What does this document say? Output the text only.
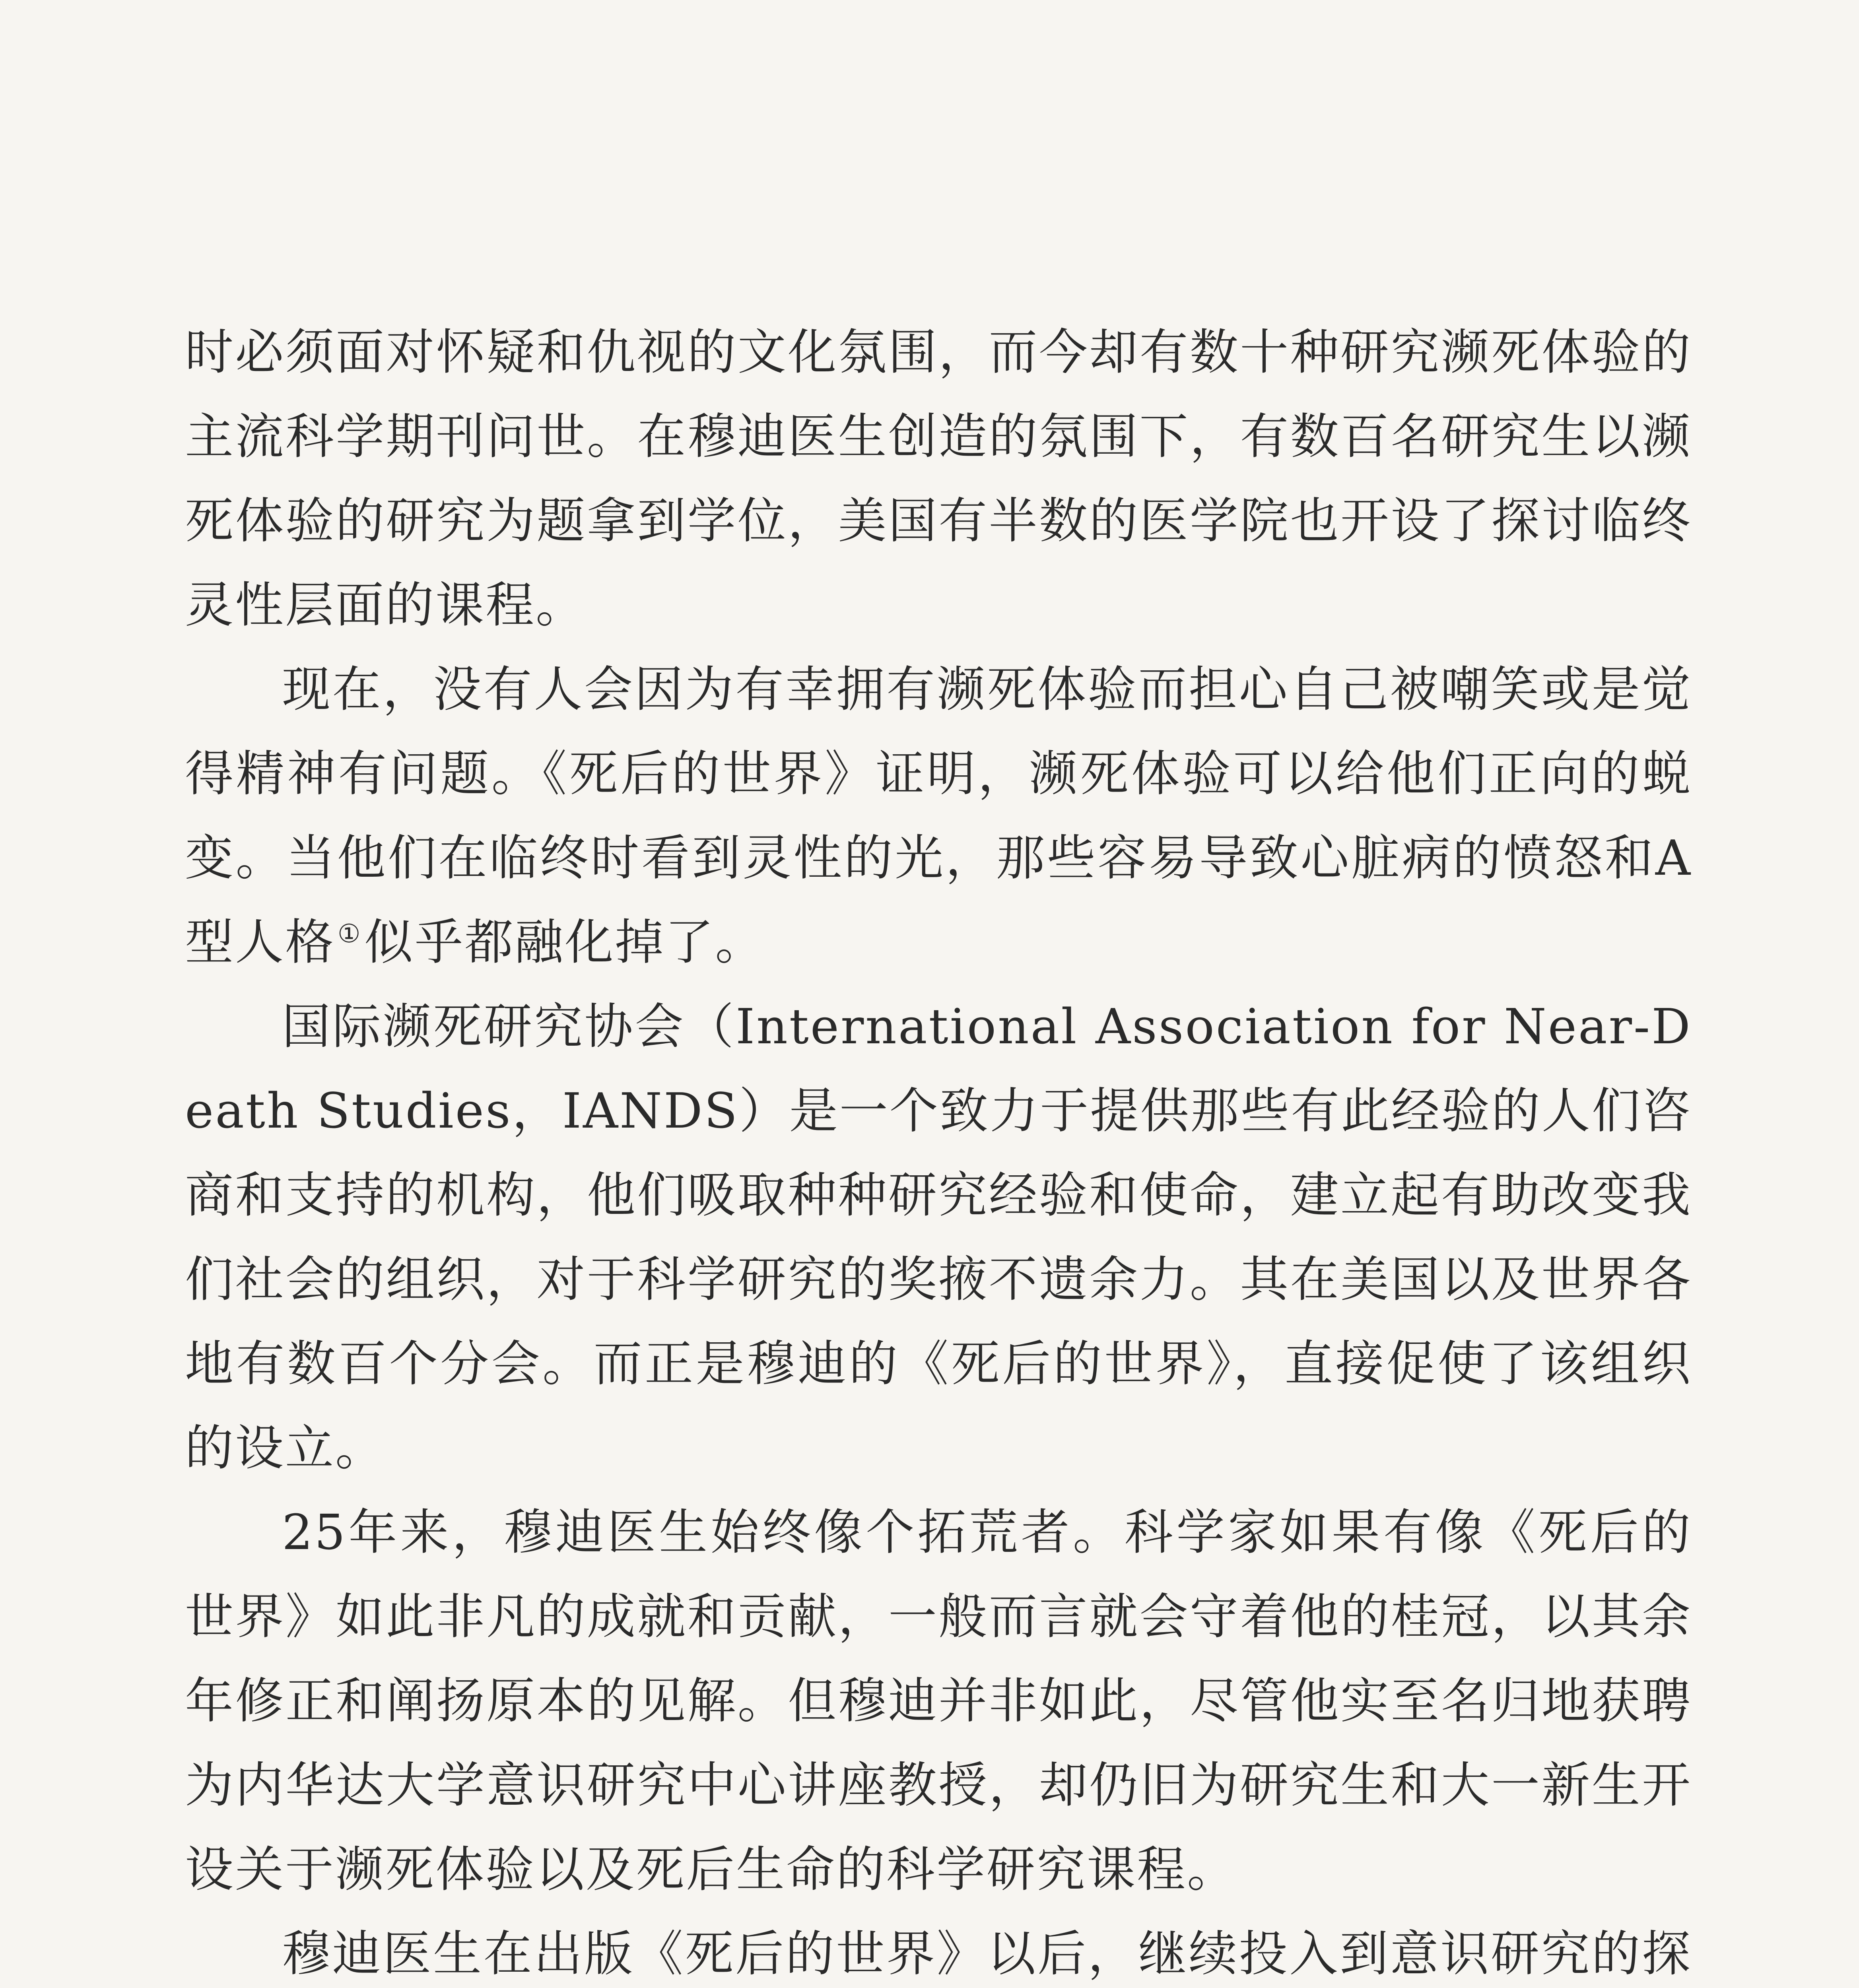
时必须面对怀疑和仇视的文化氛围，而今却有数十种研究濒死体验的主流科学期刊问世。在穆迪医生创造的氛围下，有数百名研究生以濒死体验的研究为题拿到学位，美国有半数的医学院也开设了探讨临终灵性层面的课程。

现在，没有人会因为有幸拥有濒死体验而担心自己被嘲笑或是觉得精神有问题。《死后的世界》证明，濒死体验可以给他们正向的蜕变。当他们在临终时看到灵性的光，那些容易导致心脏病的愤怒和A型人格①似乎都融化掉了。

国际濒死研究协会（International Association for Near-Death Studies，IANDS）是一个致力于提供那些有此经验的人们咨商和支持的机构，他们吸取种种研究经验和使命，建立起有助改变我们社会的组织，对于科学研究的奖掖不遗余力。其在美国以及世界各地有数百个分会。而正是穆迪的《死后的世界》，直接促使了该组织的设立。

25年来，穆迪医生始终像个拓荒者。科学家如果有像《死后的世界》如此非凡的成就和贡献，一般而言就会守着他的桂冠，以其余年修正和阐扬原本的见解。但穆迪并非如此，尽管他实至名归地获聘为内华达大学意识研究中心讲座教授，却仍旧为研究生和大一新生开设关于濒死体验以及死后生命的科学研究课程。

穆迪医生在出版《死后的世界》以后，继续投入到意识研究的探
